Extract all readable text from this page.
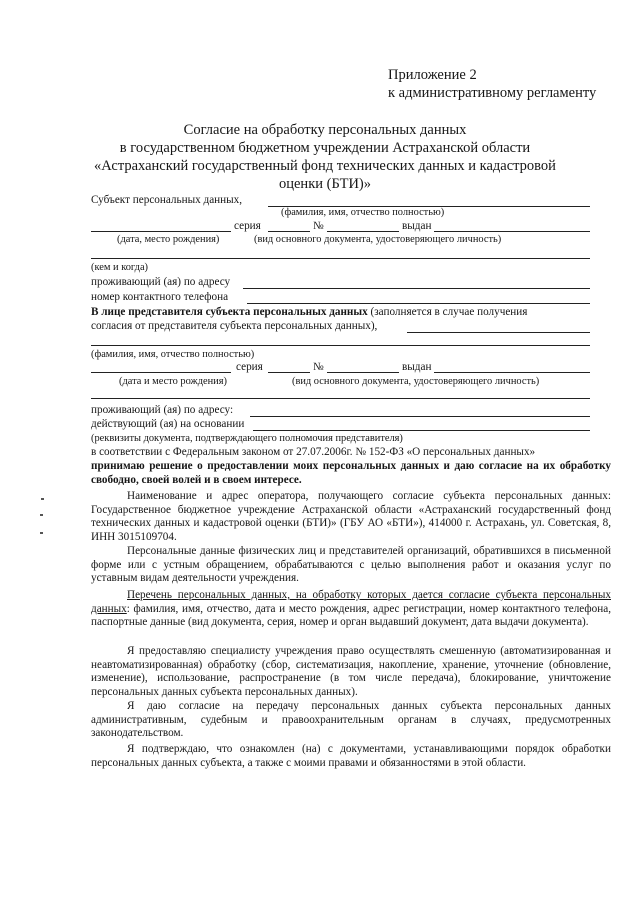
Приложение 2
к административному регламенту
Согласие на обработку персональных данных
в государственном бюджетном учреждении Астраханской области
«Астраханский государственный фонд технических данных и кадастровой
оценки (БТИ)»
Субъект персональных данных,
(фамилия, имя, отчество полностью)
серия	№	выдан
(дата, место рождения)	(вид основного документа, удостоверяющего личность)
(кем и когда)
проживающий (ая) по адресу
номер контактного телефона
В лице представителя субъекта персональных данных (заполняется в случае получения
согласия от представителя субъекта персональных данных),
(фамилия, имя, отчество полностью)
серия	№	выдан
(дата и место рождения)	(вид основного документа, удостоверяющего личность)
проживающий (ая) по адресу:
действующий (ая) на основании
(реквизиты документа, подтверждающего полномочия представителя)
в соответствии с Федеральным законом от 27.07.2006г. № 152-ФЗ «О персональных данных»
принимаю решение о предоставлении моих персональных данных и даю согласие на их обработку свободно, своей волей и в своем интересе.
Наименование и адрес оператора, получающего согласие субъекта персональных данных: Государственное бюджетное учреждение Астраханской области «Астраханский государственный фонд технических данных и кадастровой оценки (БТИ)» (ГБУ АО «БТИ»), 414000 г. Астрахань, ул. Советская, 8, ИНН 3015109704.
Персональные данные физических лиц и представителей организаций, обратившихся в письменной форме или с устным обращением, обрабатываются с целью выполнения работ и оказания услуг по уставным видам деятельности учреждения.
Перечень персональных данных, на обработку которых дается согласие субъекта персональных данных: фамилия, имя, отчество, дата и место рождения, адрес регистрации, номер контактного телефона, паспортные данные (вид документа, серия, номер и орган выдавший документ, дата выдачи документа).
Я предоставляю специалисту учреждения право осуществлять смешенную (автоматизированная и неавтоматизированная) обработку (сбор, систематизация, накопление, хранение, уточнение (обновление, изменение), использование, распространение (в том числе передача), блокирование, уничтожение персональных данных субъекта персональных данных).
Я даю согласие на передачу персональных данных субъекта персональных данных административным, судебным и правоохранительным органам в случаях, предусмотренных законодательством.
Я подтверждаю, что ознакомлен (на) с документами, устанавливающими порядок обработки персональных данных субъекта, а также с моими правами и обязанностями в этой области.
